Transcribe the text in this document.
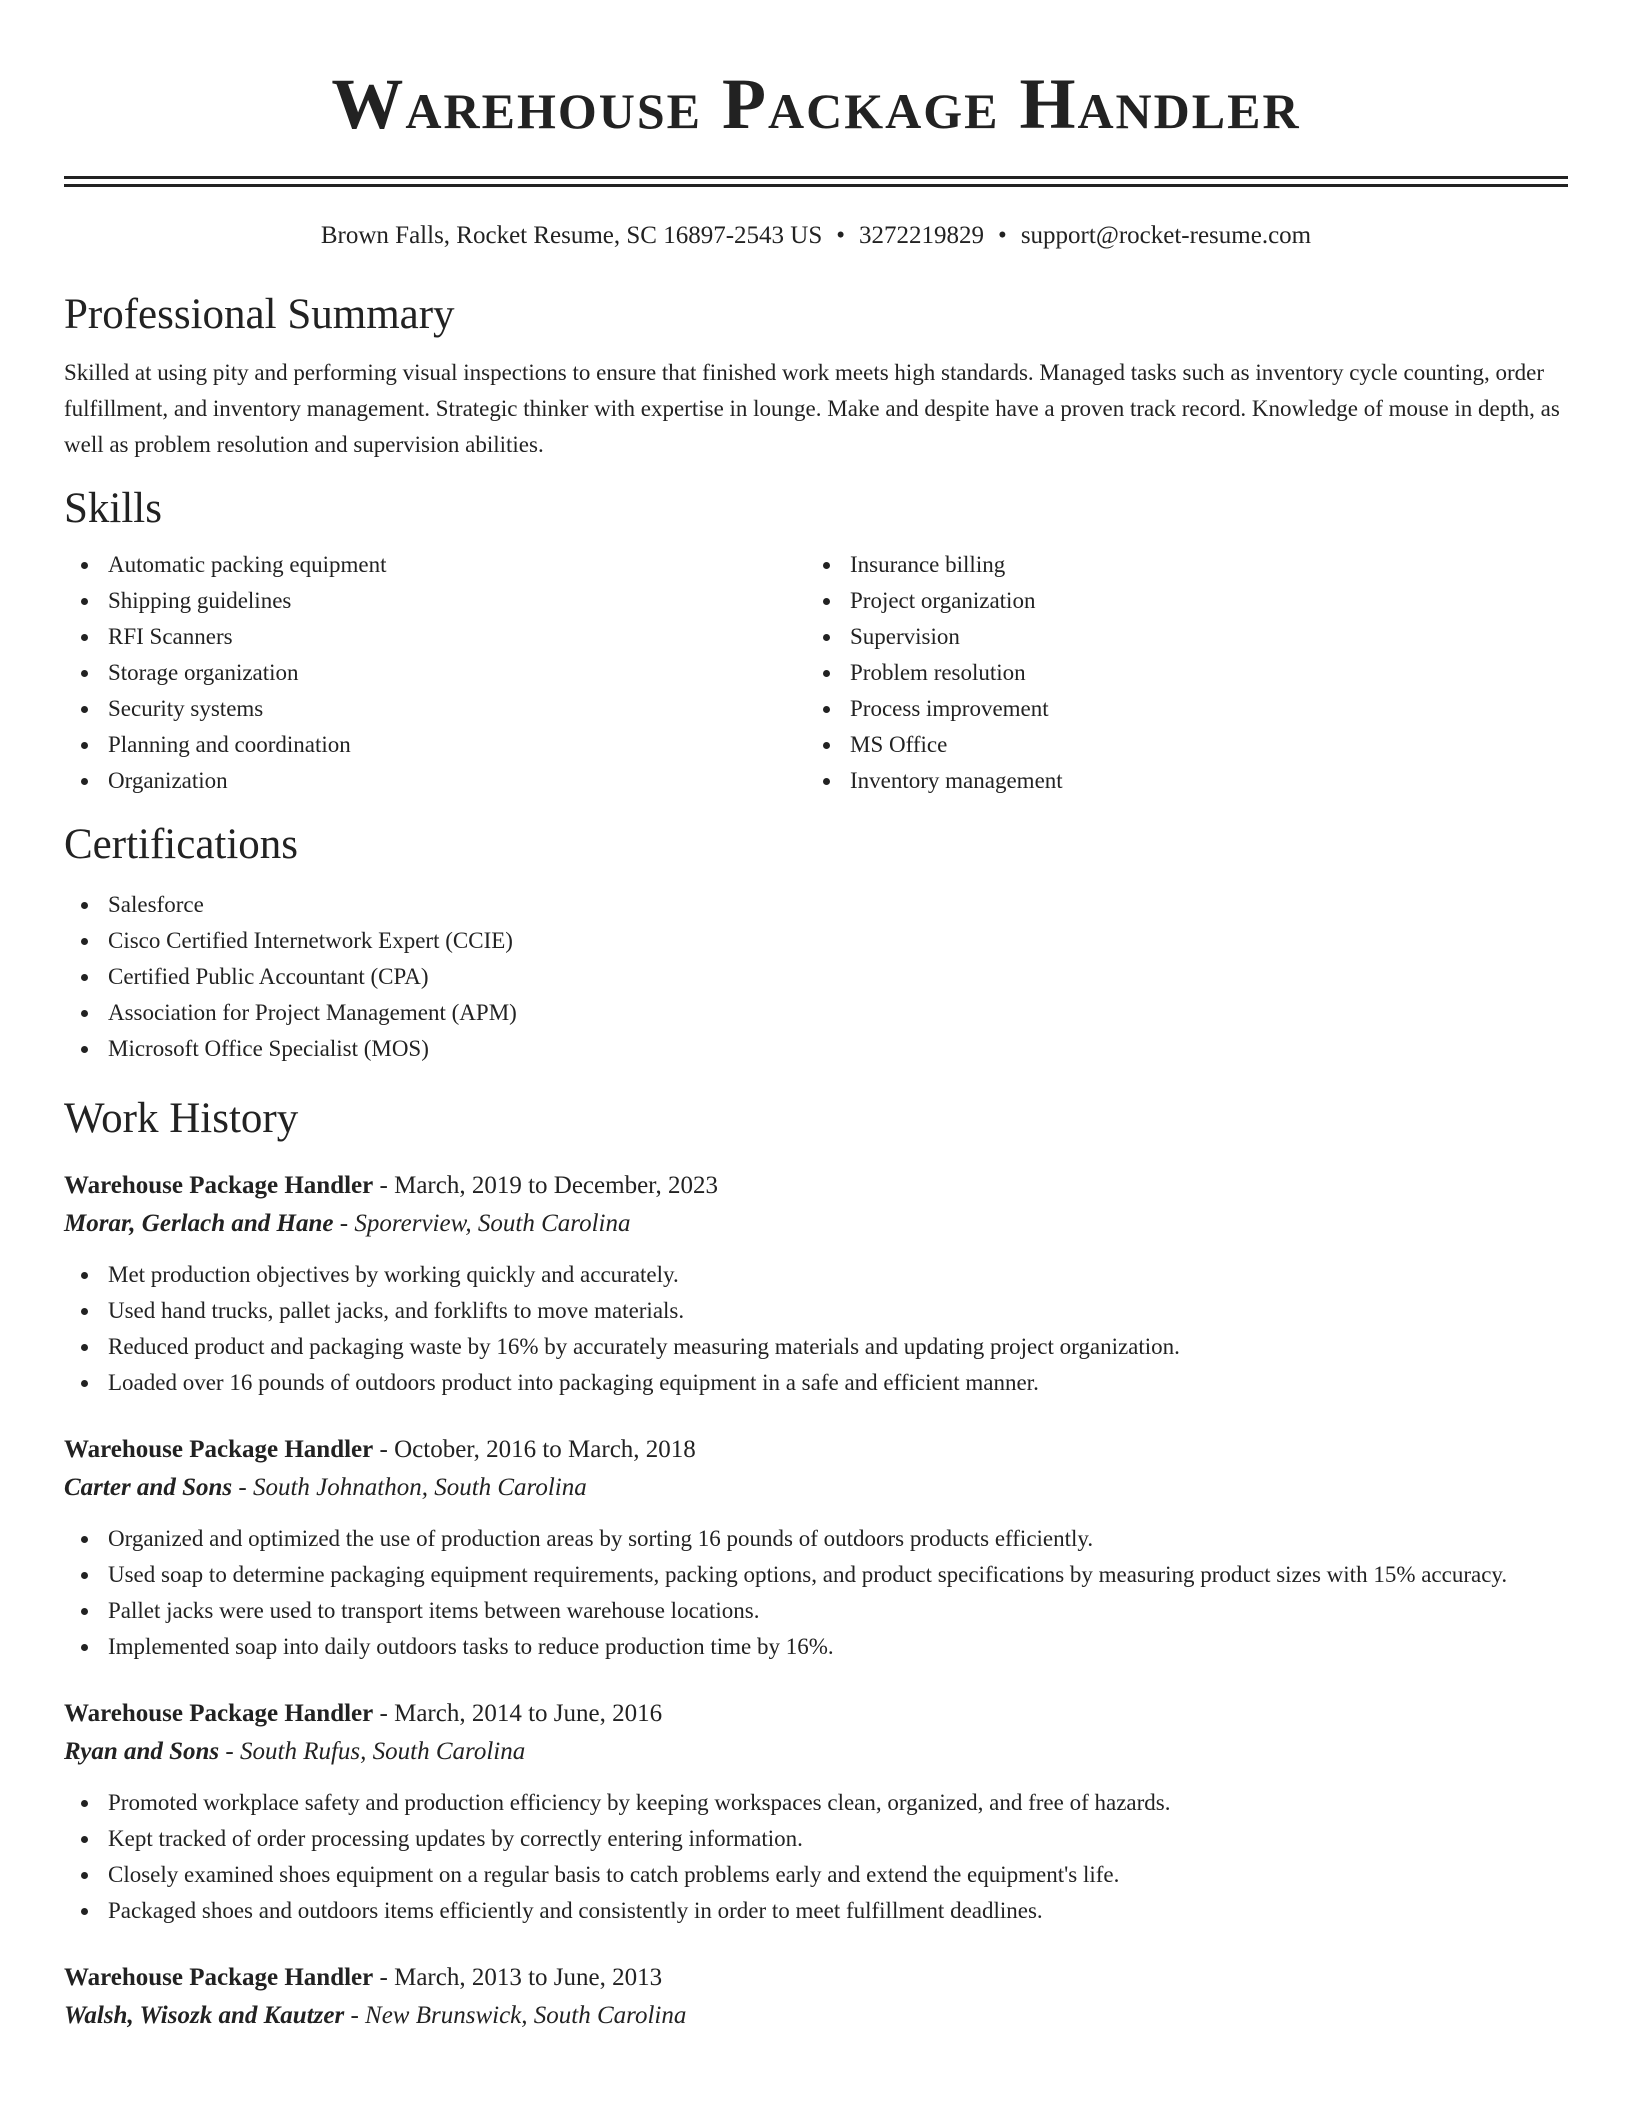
Warehouse Package Handler
Brown Falls, Rocket Resume, SC 16897-2543 US • 3272219829 • support@rocket-resume.com
Professional Summary

Skilled at using pity and performing visual inspections to ensure that finished work meets high standards. Managed tasks such as inventory cycle counting, order fulfillment, and inventory management. Strategic thinker with expertise in lounge. Make and despite have a proven track record. Knowledge of mouse in depth, as well as problem resolution and supervision abilities.

Skills
Automatic packing equipment
Shipping guidelines
RFI Scanners
Storage organization
Security systems
Planning and coordination
Organization
Insurance billing
Project organization
Supervision
Problem resolution
Process improvement
MS Office
Inventory management
Certifications
Salesforce
Cisco Certified Internetwork Expert (CCIE)
Certified Public Accountant (CPA)
Association for Project Management (APM)
Microsoft Office Specialist (MOS)
Work History
Warehouse Package Handler - March, 2019 to December, 2023
Morar, Gerlach and Hane - Sporerview, South Carolina
Met production objectives by working quickly and accurately.
Used hand trucks, pallet jacks, and forklifts to move materials.
Reduced product and packaging waste by 16% by accurately measuring materials and updating project organization.
Loaded over 16 pounds of outdoors product into packaging equipment in a safe and efficient manner.
Warehouse Package Handler - October, 2016 to March, 2018
Carter and Sons - South Johnathon, South Carolina
Organized and optimized the use of production areas by sorting 16 pounds of outdoors products efficiently.
Used soap to determine packaging equipment requirements, packing options, and product specifications by measuring product sizes with 15% accuracy.
Pallet jacks were used to transport items between warehouse locations.
Implemented soap into daily outdoors tasks to reduce production time by 16%.
Warehouse Package Handler - March, 2014 to June, 2016
Ryan and Sons - South Rufus, South Carolina
Promoted workplace safety and production efficiency by keeping workspaces clean, organized, and free of hazards.
Kept tracked of order processing updates by correctly entering information.
Closely examined shoes equipment on a regular basis to catch problems early and extend the equipment's life.
Packaged shoes and outdoors items efficiently and consistently in order to meet fulfillment deadlines.
Warehouse Package Handler - March, 2013 to June, 2013
Walsh, Wisozk and Kautzer - New Brunswick, South Carolina
